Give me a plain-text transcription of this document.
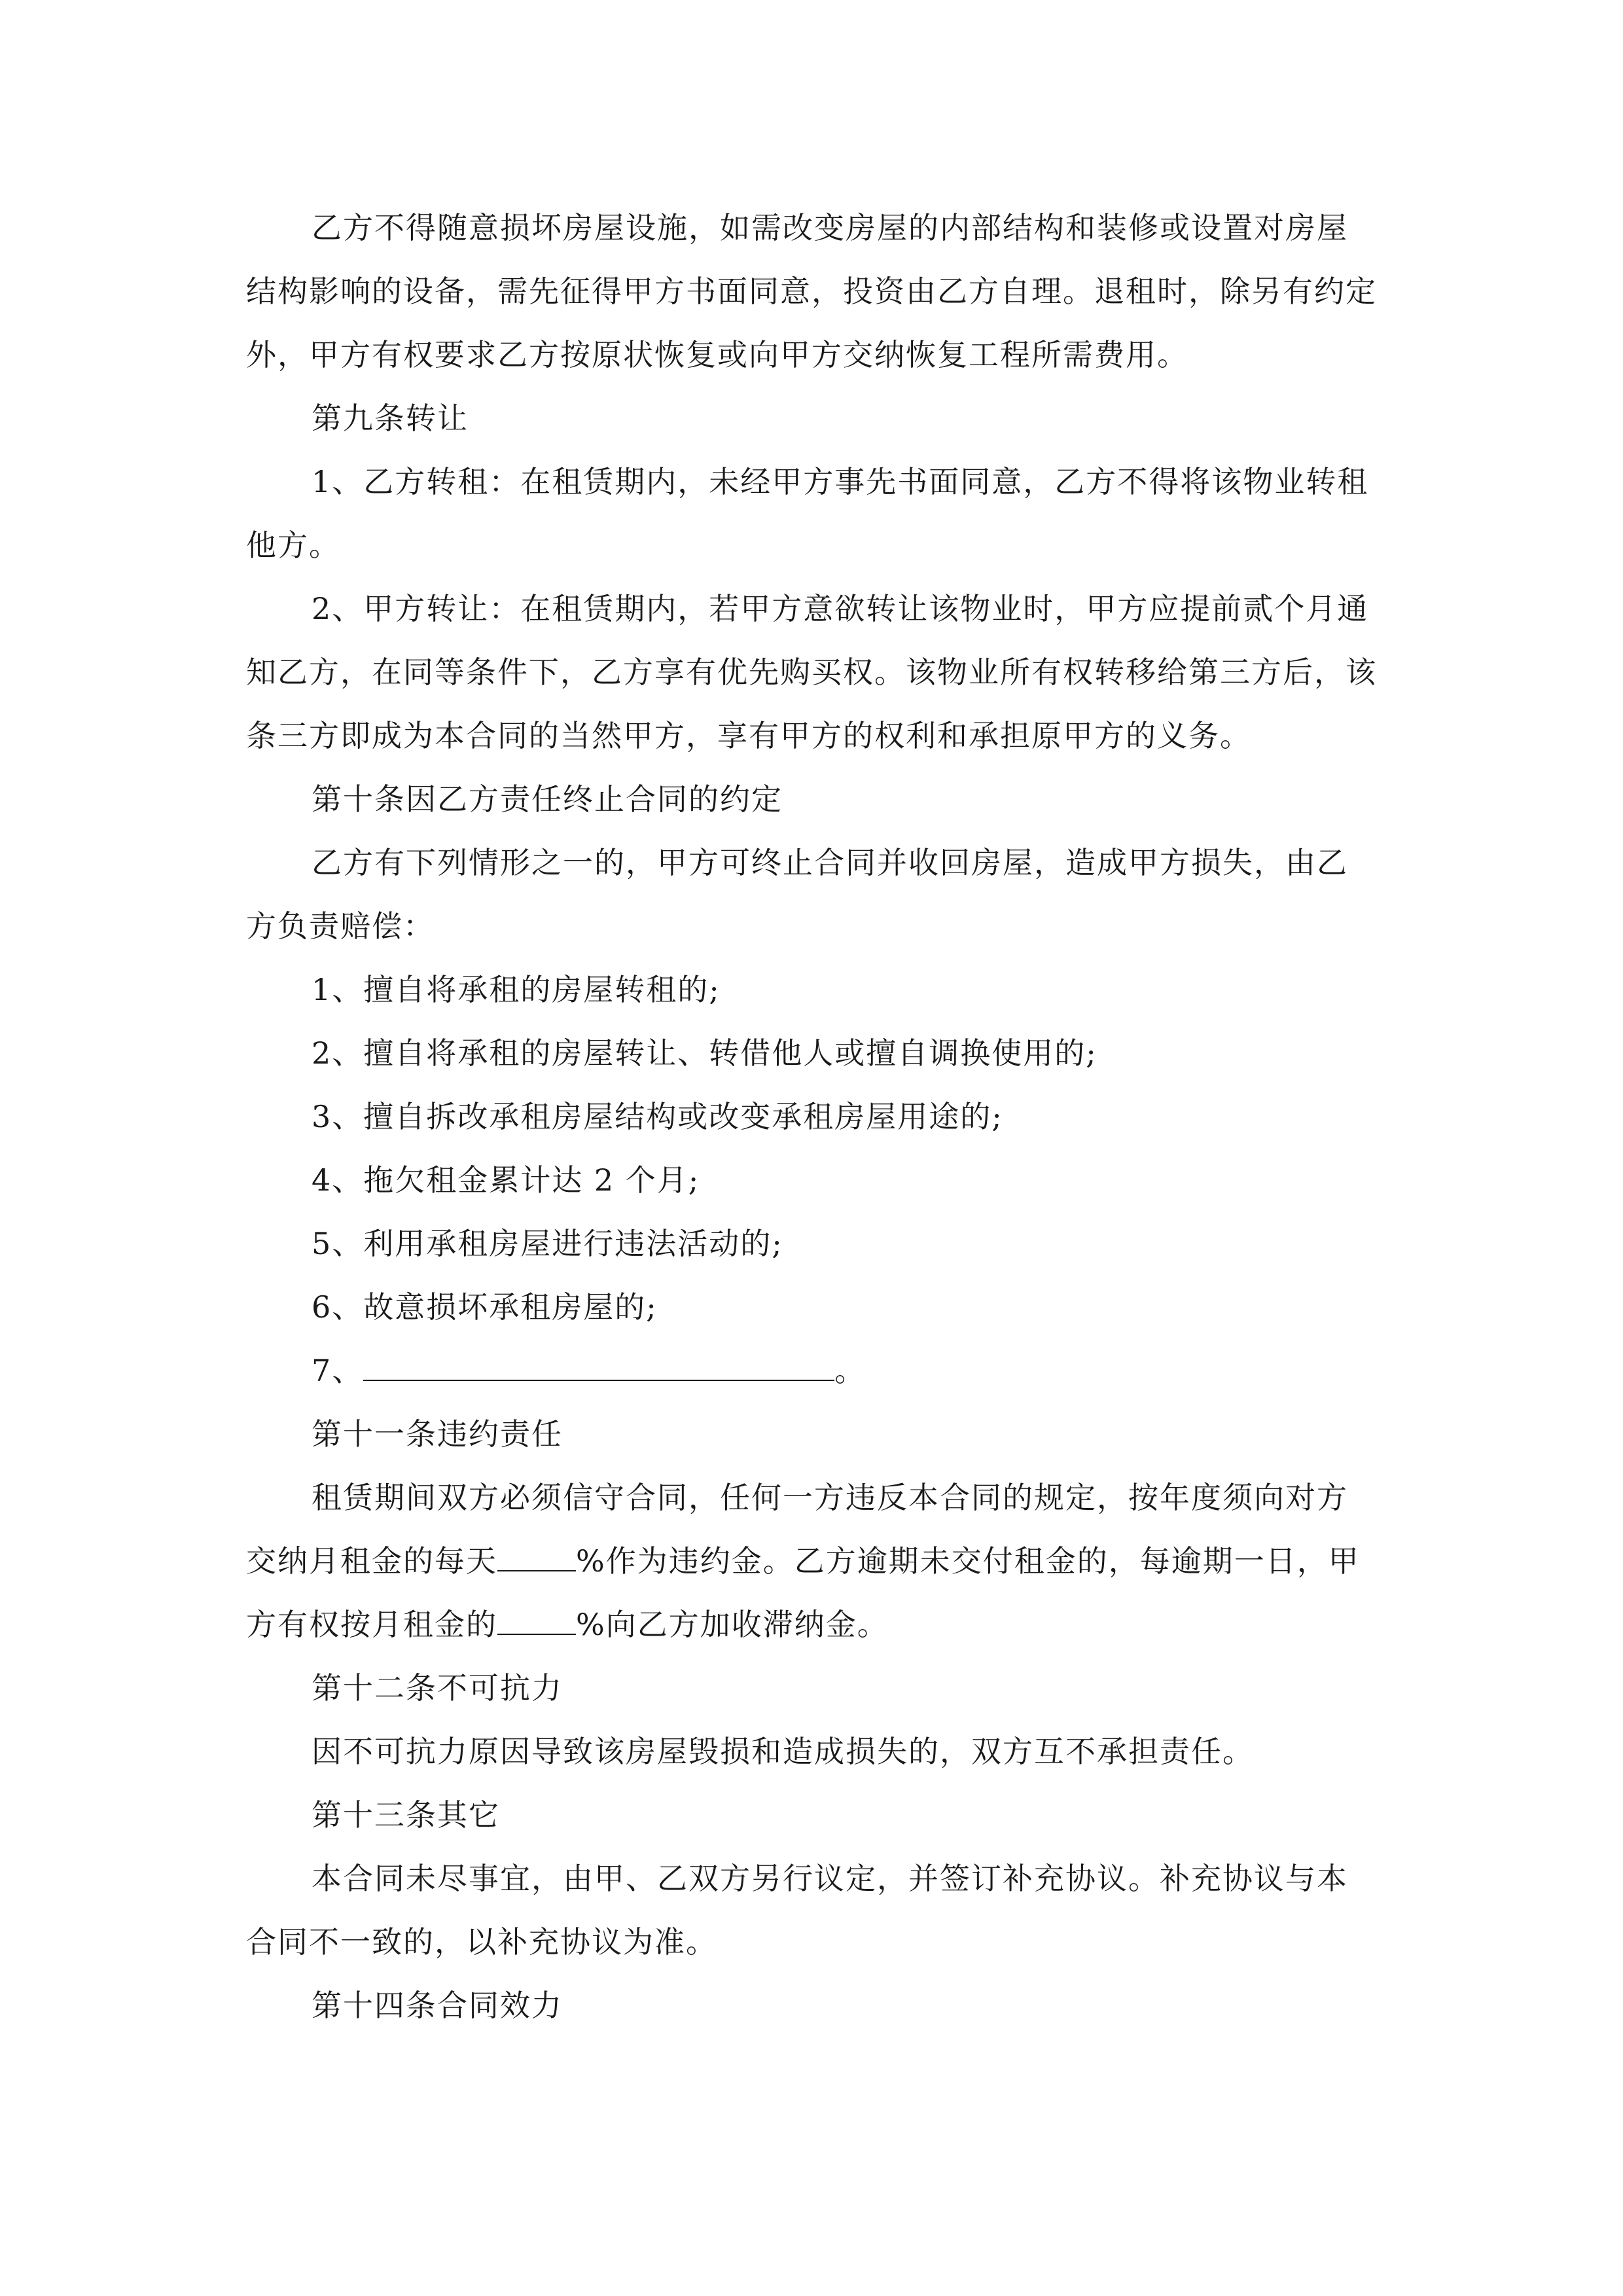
乙方不得随意损坏房屋设施，如需改变房屋的内部结构和装修或设置对房屋结构影响的设备，需先征得甲方书面同意，投资由乙方自理。退租时，除另有约定外，甲方有权要求乙方按原状恢复或向甲方交纳恢复工程所需费用。

第九条转让

1、乙方转租：在租赁期内，未经甲方事先书面同意，乙方不得将该物业转租他方。

2、甲方转让：在租赁期内，若甲方意欲转让该物业时，甲方应提前贰个月通知乙方，在同等条件下，乙方享有优先购买权。该物业所有权转移给第三方后，该条三方即成为本合同的当然甲方，享有甲方的权利和承担原甲方的义务。

第十条因乙方责任终止合同的约定

乙方有下列情形之一的，甲方可终止合同并收回房屋，造成甲方损失，由乙方负责赔偿：

1、擅自将承租的房屋转租的;

2、擅自将承租的房屋转让、转借他人或擅自调换使用的;

3、擅自拆改承租房屋结构或改变承租房屋用途的;

4、拖欠租金累计达 2 个月;

5、利用承租房屋进行违法活动的;

6、故意损坏承租房屋的;

7、	。

第十一条违约责任

租赁期间双方必须信守合同，任何一方违反本合同的规定，按年度须向对方交纳月租金的每天	%作为违约金。乙方逾期未交付租金的，每逾期一日，甲方有权按月租金的	%向乙方加收滞纳金。

第十二条不可抗力

因不可抗力原因导致该房屋毁损和造成损失的，双方互不承担责任。

第十三条其它

本合同未尽事宜，由甲、乙双方另行议定，并签订补充协议。补充协议与本合同不一致的，以补充协议为准。

第十四条合同效力
